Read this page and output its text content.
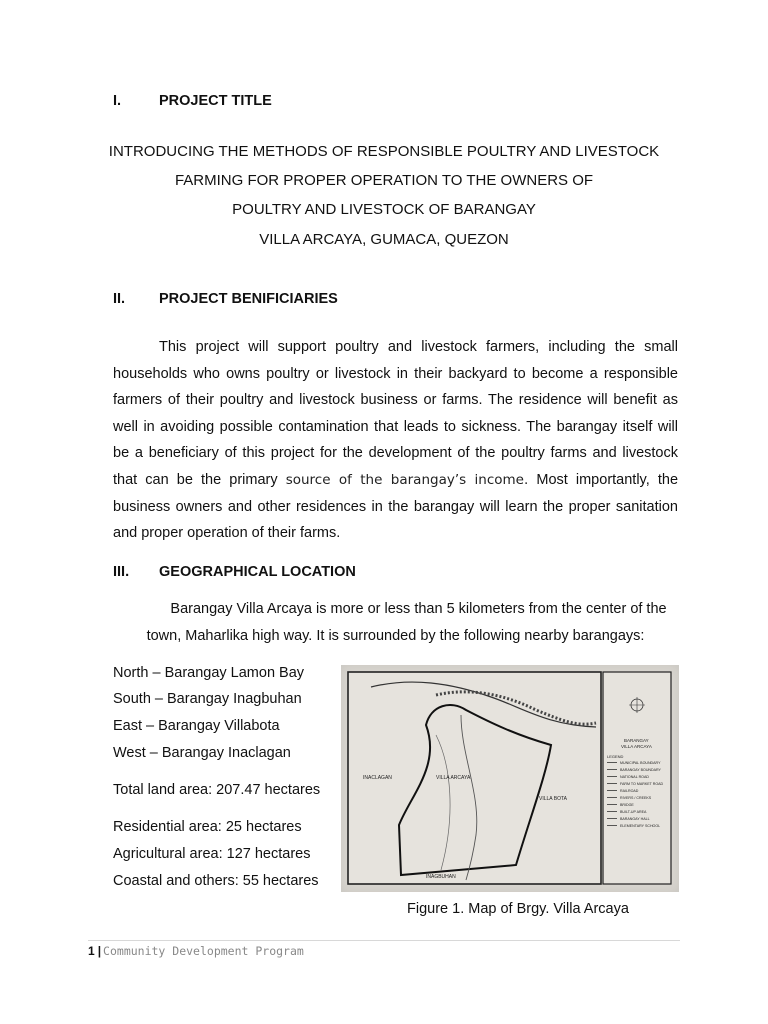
I.	PROJECT TITLE
INTRODUCING THE METHODS OF RESPONSIBLE POULTRY AND LIVESTOCK
FARMING FOR PROPER OPERATION TO THE OWNERS OF
POULTRY AND LIVESTOCK OF BARANGAY
VILLA ARCAYA, GUMACA, QUEZON
II. PROJECT BENIFICIARIES

This project will support poultry and livestock farmers, including the small households who owns poultry or livestock in their backyard to become a responsible farmers of their poultry and livestock business or farms. The residence will benefit as well in avoiding possible contamination that leads to sickness. The barangay itself will be a beneficiary of this project for the development of the poultry farms and livestock that can be the primary source of the barangay’s income. Most importantly, the business owners and other residences in the barangay will learn the proper sanitation and proper operation of their farms.

III. GEOGRAPHICAL LOCATION

Barangay Villa Arcaya is more or less than 5 kilometers from the center of the town, Maharlika high way. It is surrounded by the following nearby barangays:

North – Barangay Lamon Bay
South – Barangay Inagbuhan
East – Barangay Villabota
West – Barangay Inaclagan
Total land area: 207.47 hectares
Residential area: 25 hectares
Agricultural area: 127 hectares
Coastal and others: 55 hectares
INACLAGAN	VILLA ARCAYA
VILLA BOTA
INAGBUHAN
BARANGAY
VILLA ARCAYA
LEGEND
MUNICIPAL BOUNDARY
BARANGAY BOUNDARY
NATIONAL ROAD
FARM TO MARKET ROAD
RAILROAD
RIVERS / CREEKS
BRIDGE
BUILT-UP AREA
BARANGAY HALL
ELEMENTARY SCHOOL
Figure 1. Map of Brgy. Villa Arcaya
1 | Community Development Program
